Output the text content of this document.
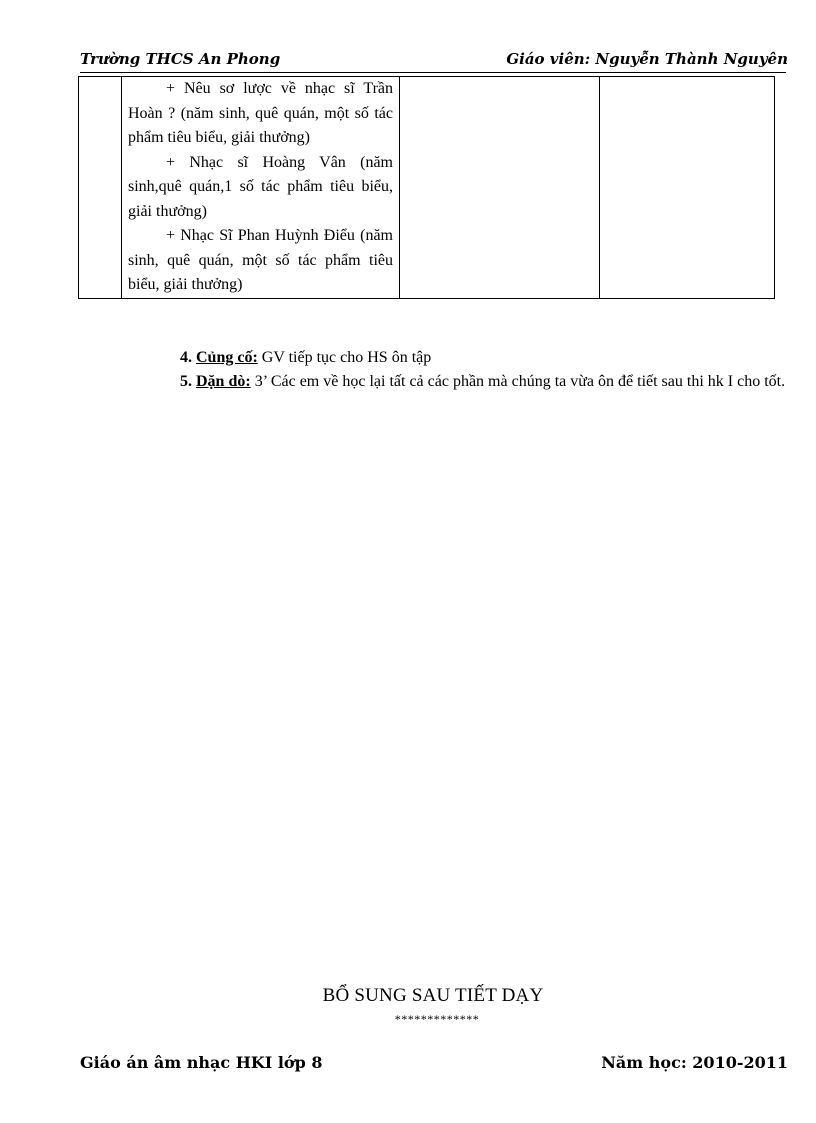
Trường THCS An Phong	Giáo viên: Nguyễn Thành Nguyên

+ Nêu sơ lược về nhạc sĩ Trần Hoàn ? (năm sinh, quê quán, một số tác phẩm tiêu biểu, giải thưởng)
+ Nhạc sĩ Hoàng Vân (năm sinh,quê quán,1 số tác phẩm tiêu biểu, giải thưởng)
+ Nhạc Sĩ Phan Huỳnh Điểu (năm sinh, quê quán, một số tác phẩm tiêu biểu, giải thưởng)

4. Củng cố: GV tiếp tục cho HS ôn tập
5. Dặn dò: 3’ Các em về học lại tất cả các phần mà chúng ta vừa ôn để tiết sau thi hk I cho tốt.
BỔ SUNG SAU TIẾT DẠY
*************
Giáo án âm nhạc HKI lớp 8	Năm học: 2010-2011
